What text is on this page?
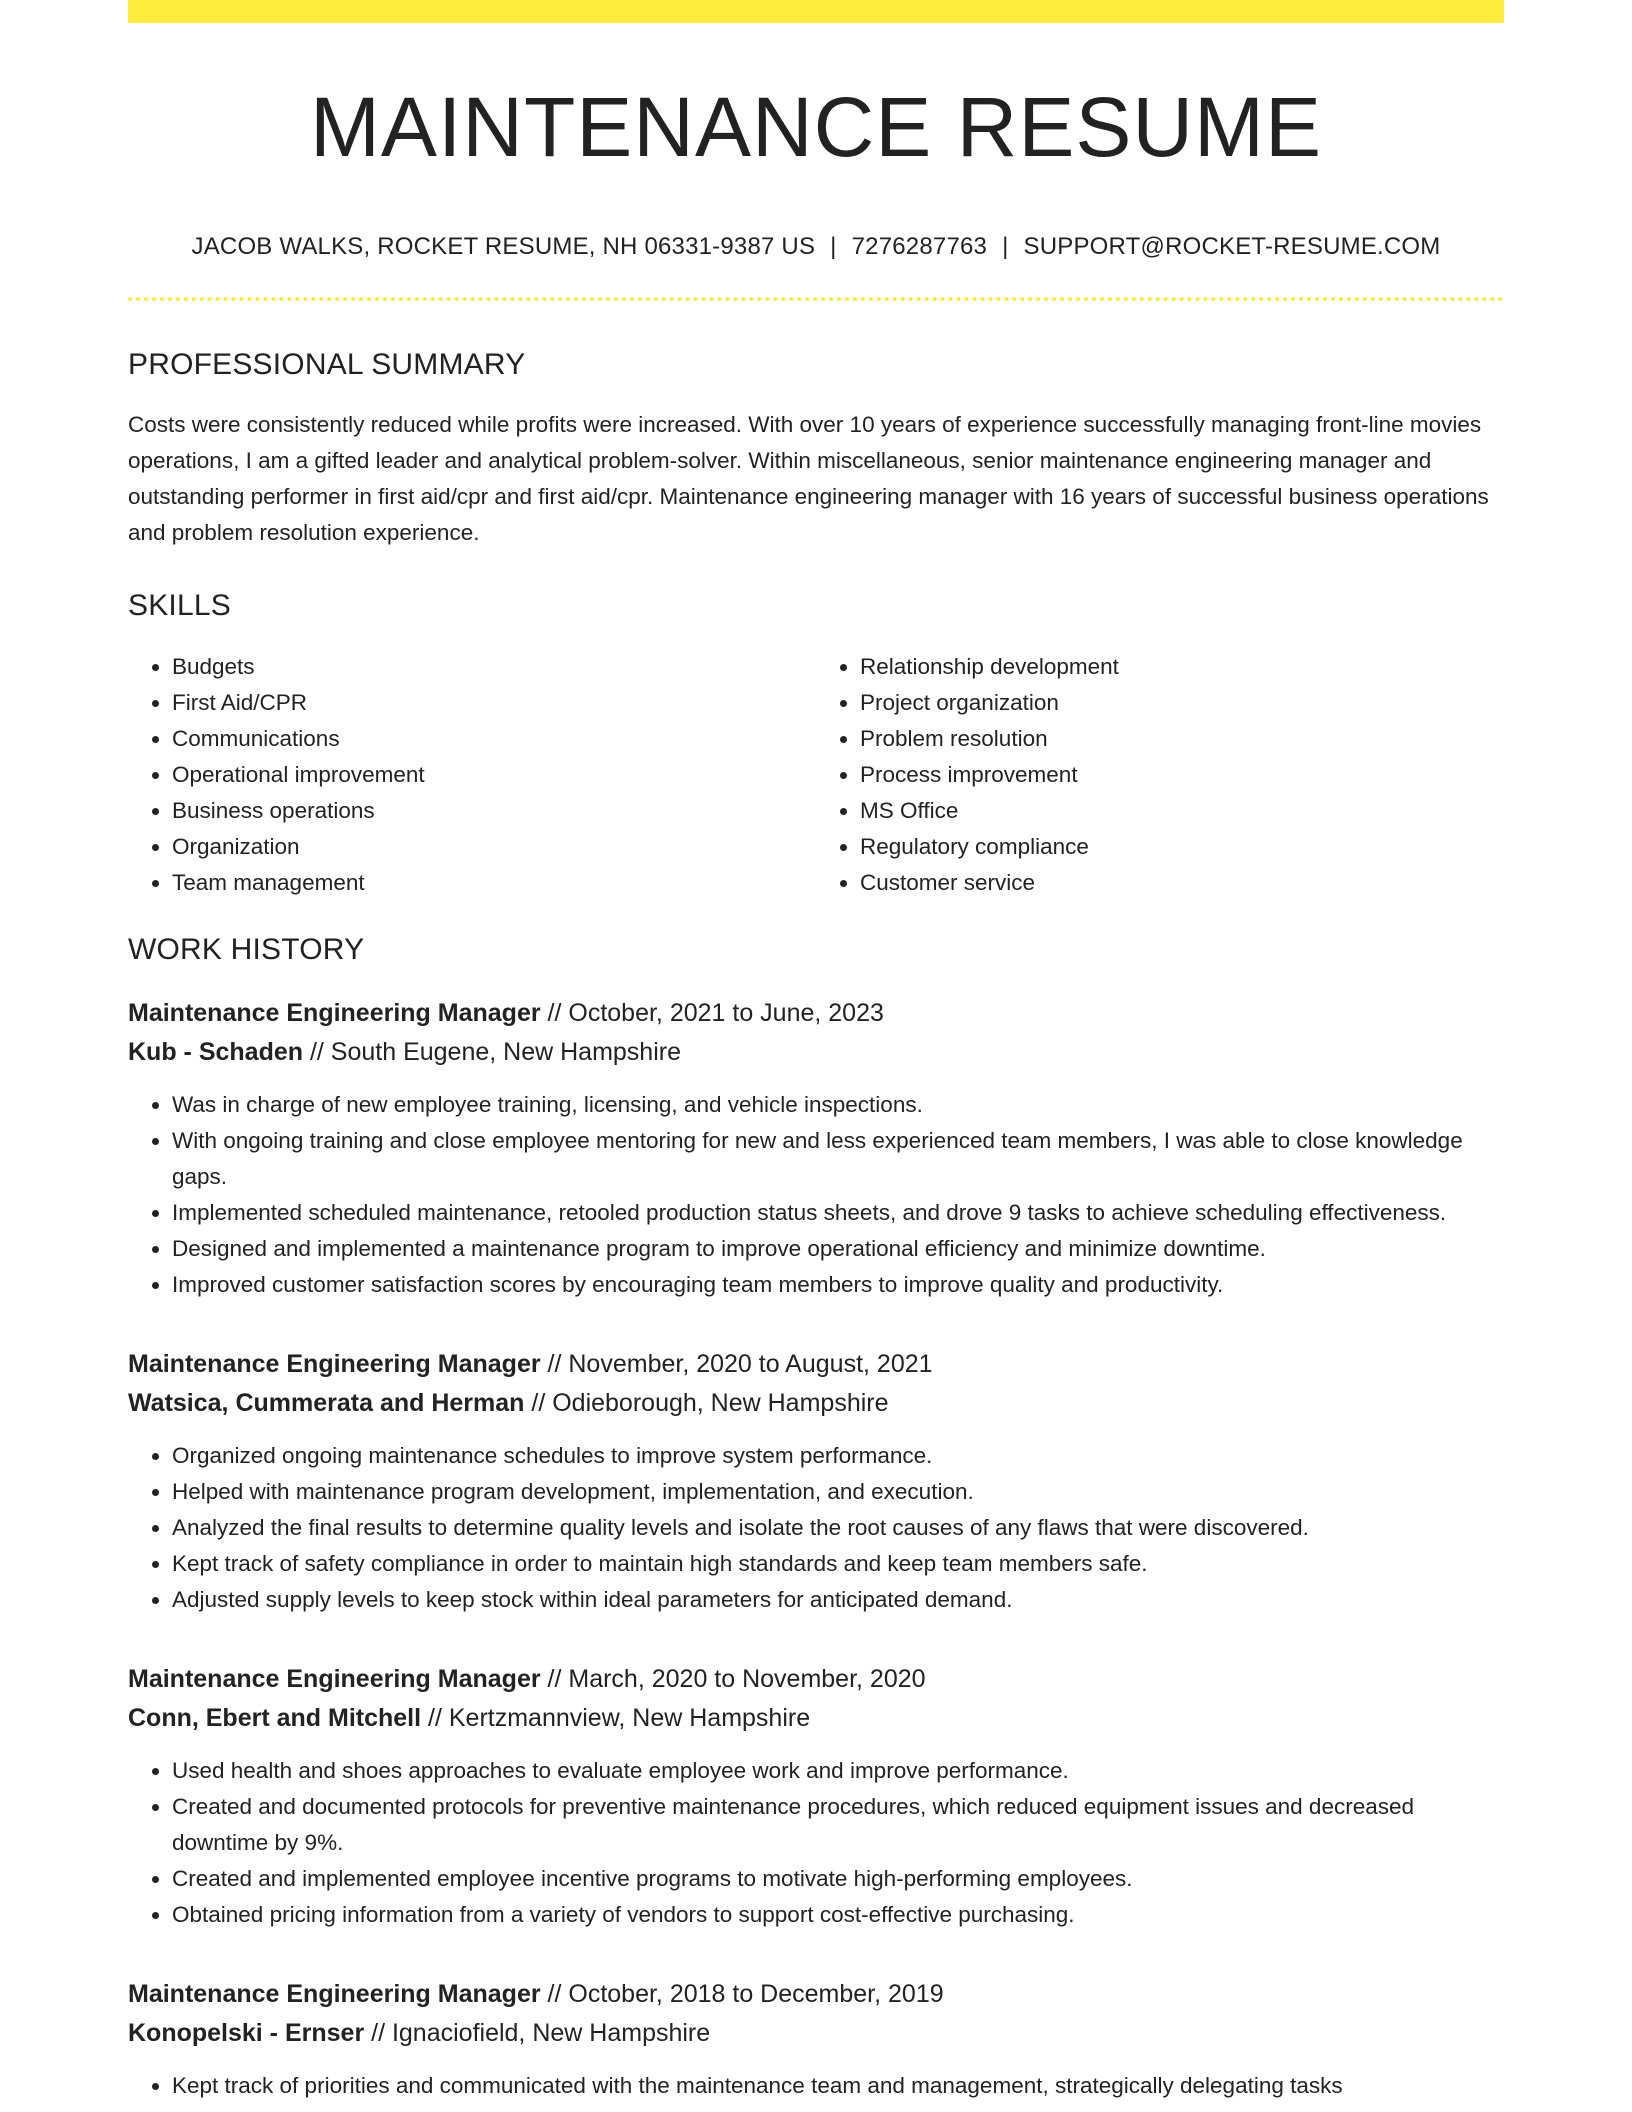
MAINTENANCE RESUME
JACOB WALKS, ROCKET RESUME, NH 06331-9387 US | 7276287763 | SUPPORT@ROCKET-RESUME.COM
PROFESSIONAL SUMMARY
Costs were consistently reduced while profits were increased. With over 10 years of experience successfully managing front-line movies operations, I am a gifted leader and analytical problem-solver. Within miscellaneous, senior maintenance engineering manager and outstanding performer in first aid/cpr and first aid/cpr. Maintenance engineering manager with 16 years of successful business operations and problem resolution experience.
SKILLS
• Budgets
• First Aid/CPR
• Communications
• Operational improvement
• Business operations
• Organization
• Team management
• Relationship development
• Project organization
• Problem resolution
• Process improvement
• MS Office
• Regulatory compliance
• Customer service
WORK HISTORY
Maintenance Engineering Manager // October, 2021 to June, 2023
Kub - Schaden // South Eugene, New Hampshire
• Was in charge of new employee training, licensing, and vehicle inspections.
• With ongoing training and close employee mentoring for new and less experienced team members, I was able to close knowledge gaps.
• Implemented scheduled maintenance, retooled production status sheets, and drove 9 tasks to achieve scheduling effectiveness.
• Designed and implemented a maintenance program to improve operational efficiency and minimize downtime.
• Improved customer satisfaction scores by encouraging team members to improve quality and productivity.
Maintenance Engineering Manager // November, 2020 to August, 2021
Watsica, Cummerata and Herman // Odieborough, New Hampshire
• Organized ongoing maintenance schedules to improve system performance.
• Helped with maintenance program development, implementation, and execution.
• Analyzed the final results to determine quality levels and isolate the root causes of any flaws that were discovered.
• Kept track of safety compliance in order to maintain high standards and keep team members safe.
• Adjusted supply levels to keep stock within ideal parameters for anticipated demand.
Maintenance Engineering Manager // March, 2020 to November, 2020
Conn, Ebert and Mitchell // Kertzmannview, New Hampshire
• Used health and shoes approaches to evaluate employee work and improve performance.
• Created and documented protocols for preventive maintenance procedures, which reduced equipment issues and decreased downtime by 9%.
• Created and implemented employee incentive programs to motivate high-performing employees.
• Obtained pricing information from a variety of vendors to support cost-effective purchasing.
Maintenance Engineering Manager // October, 2018 to December, 2019
Konopelski - Ernser // Ignaciofield, New Hampshire
• Kept track of priorities and communicated with the maintenance team and management, strategically delegating tasks
